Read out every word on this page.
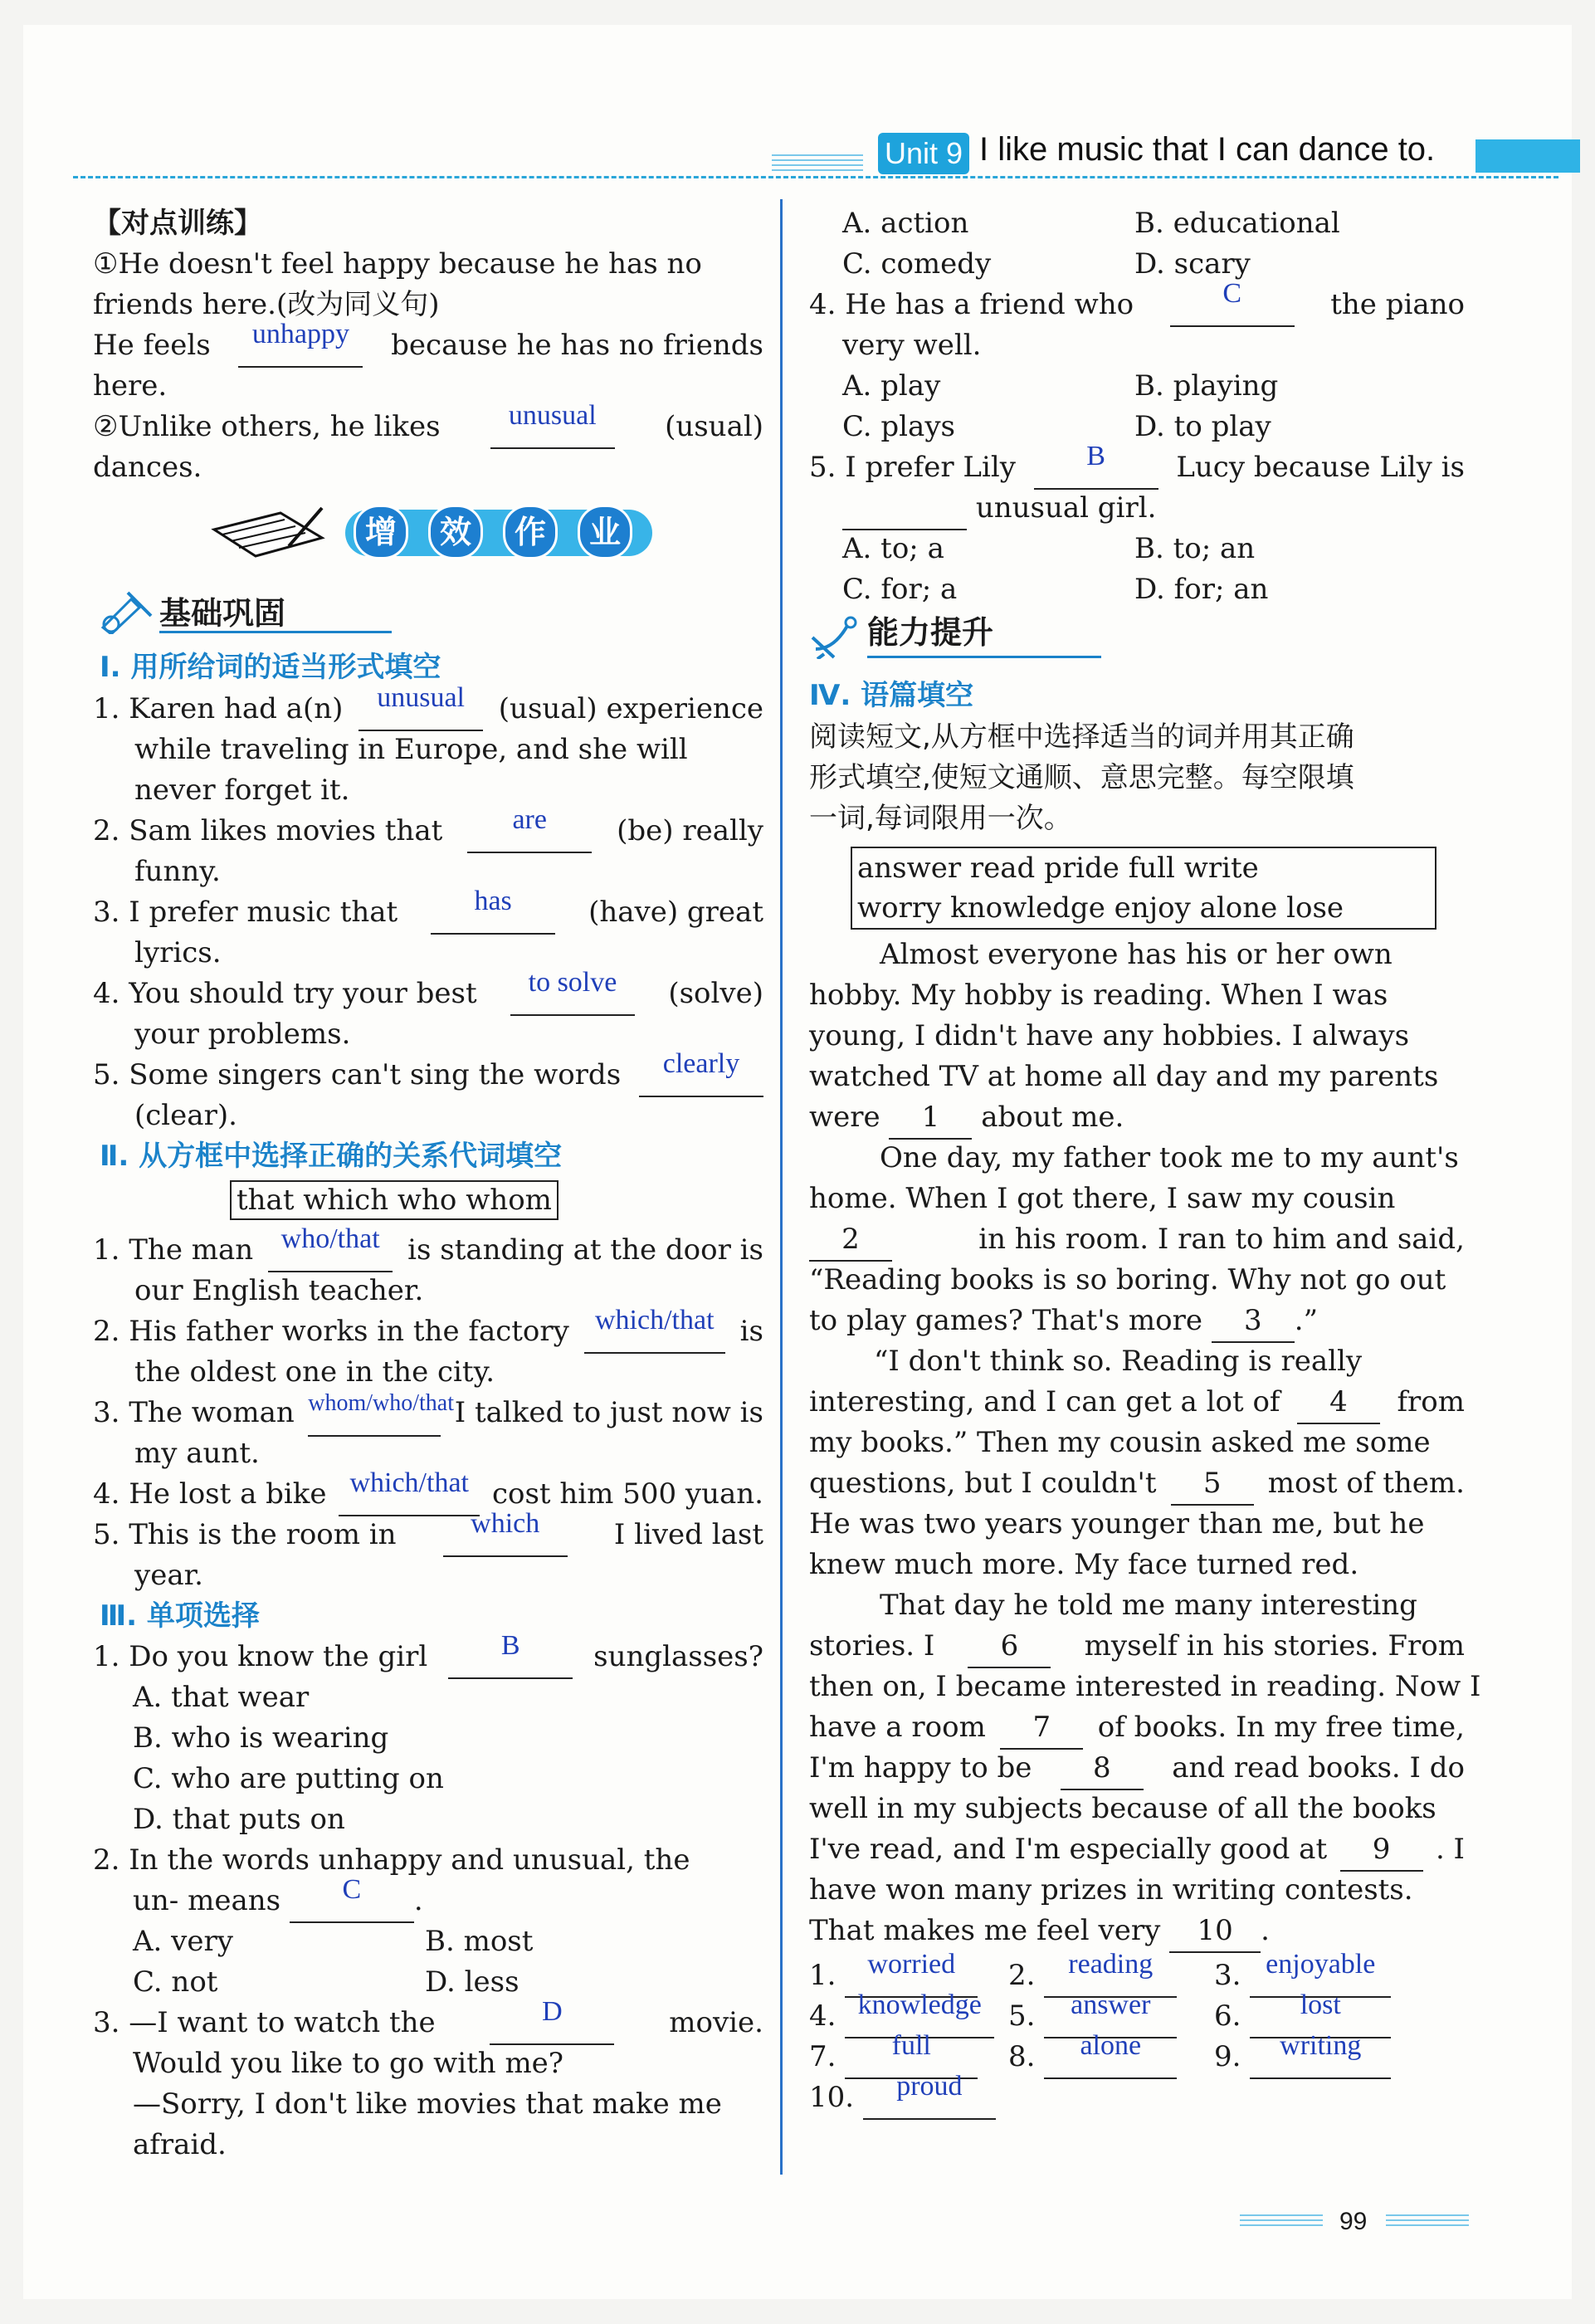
Unit 9 I like music that I can dance to.
【对点训练】
①He doesn't feel happy because he has no
friends here.(改为同义句)
He feels	unhappy	because he has no friends
here.
②Unlike others, he likes	unusual	(usual)
dances.
增	效	作	业
基础巩固
Ⅰ. 用所给词的适当形式填空
1. Karen had a(n)	unusual	(usual) experience
while traveling in Europe, and she will
never forget it.
2. Sam likes movies that	are	(be) really
funny.
3. I prefer music that	has	(have) great
lyrics.
4. You should try your best	to solve	(solve)
your problems.
5. Some singers can't sing the words	clearly
(clear).
Ⅱ. 从方框中选择正确的关系代词填空
that which who whom
1. The man who/that is standing at the door is
our English teacher.
2. His father works in the factory which/that is
the oldest one in the city.
3. The woman $^{whom/who/that}$ I talked to just now is
my aunt.
4. He lost a bike which/that cost him 500 yuan.
5. This is the room in	which	I lived last
year.
Ⅲ. 单项选择
1. Do you know the girl	B	sunglasses?
A. that wear
B. who is wearing
C. who are putting on
D. that puts on
2. In the words unhappy and unusual, the
un- means C .
A. very	B. most
C. not	D. less
3. —I want to watch the	D	movie.
Would you like to go with me?
—Sorry, I don't like movies that make me
afraid.
A. action	B. educational
C. comedy	D. scary
4. He has a friend who	C	the piano
very well.
A. play	B. playing
C. plays	D. to play
5. I prefer Lily	B	Lucy because Lily is
unusual girl.
A. to; a	B. to; an
C. for; a	D. for; an
能力提升
Ⅳ. 语篇填空
阅读短文,从方框中选择适当的词并用其正确
形式填空,使短文通顺、意思完整。每空限填
一词,每词限用一次。
answer read pride full write
worry knowledge enjoy alone lose
Almost everyone has his or her own
hobby. My hobby is reading. When I was
young, I didn't have any hobbies. I always
watched TV at home all day and my parents
were 1 about me.
One day, my father took me to my aunt's
home. When I got there, I saw my cousin
2	in his room. I ran to him and said,
“Reading books is so boring. Why not go out
to play games? That's more 3 .”
“I don't think so. Reading is really
interesting, and I can get a lot of	4	from
my books.” Then my cousin asked me some
questions, but I couldn't	5	most of them.
He was two years younger than me, but he
knew much more. My face turned red.
That day he told me many interesting
stories. I	6	myself in his stories. From
then on, I became interested in reading. Now I
have a room	7	of books. In my free time,
I'm happy to be	8	and read books. I do
well in my subjects because of all the books
I've read, and I'm especially good at	9	. I
have won many prizes in writing contests.
That makes me feel very 10 .
1. worried	2. reading	3. enjoyable
4. knowledge 5. answer	6. lost
7. full	8. alone	9. writing
10. proud
99
